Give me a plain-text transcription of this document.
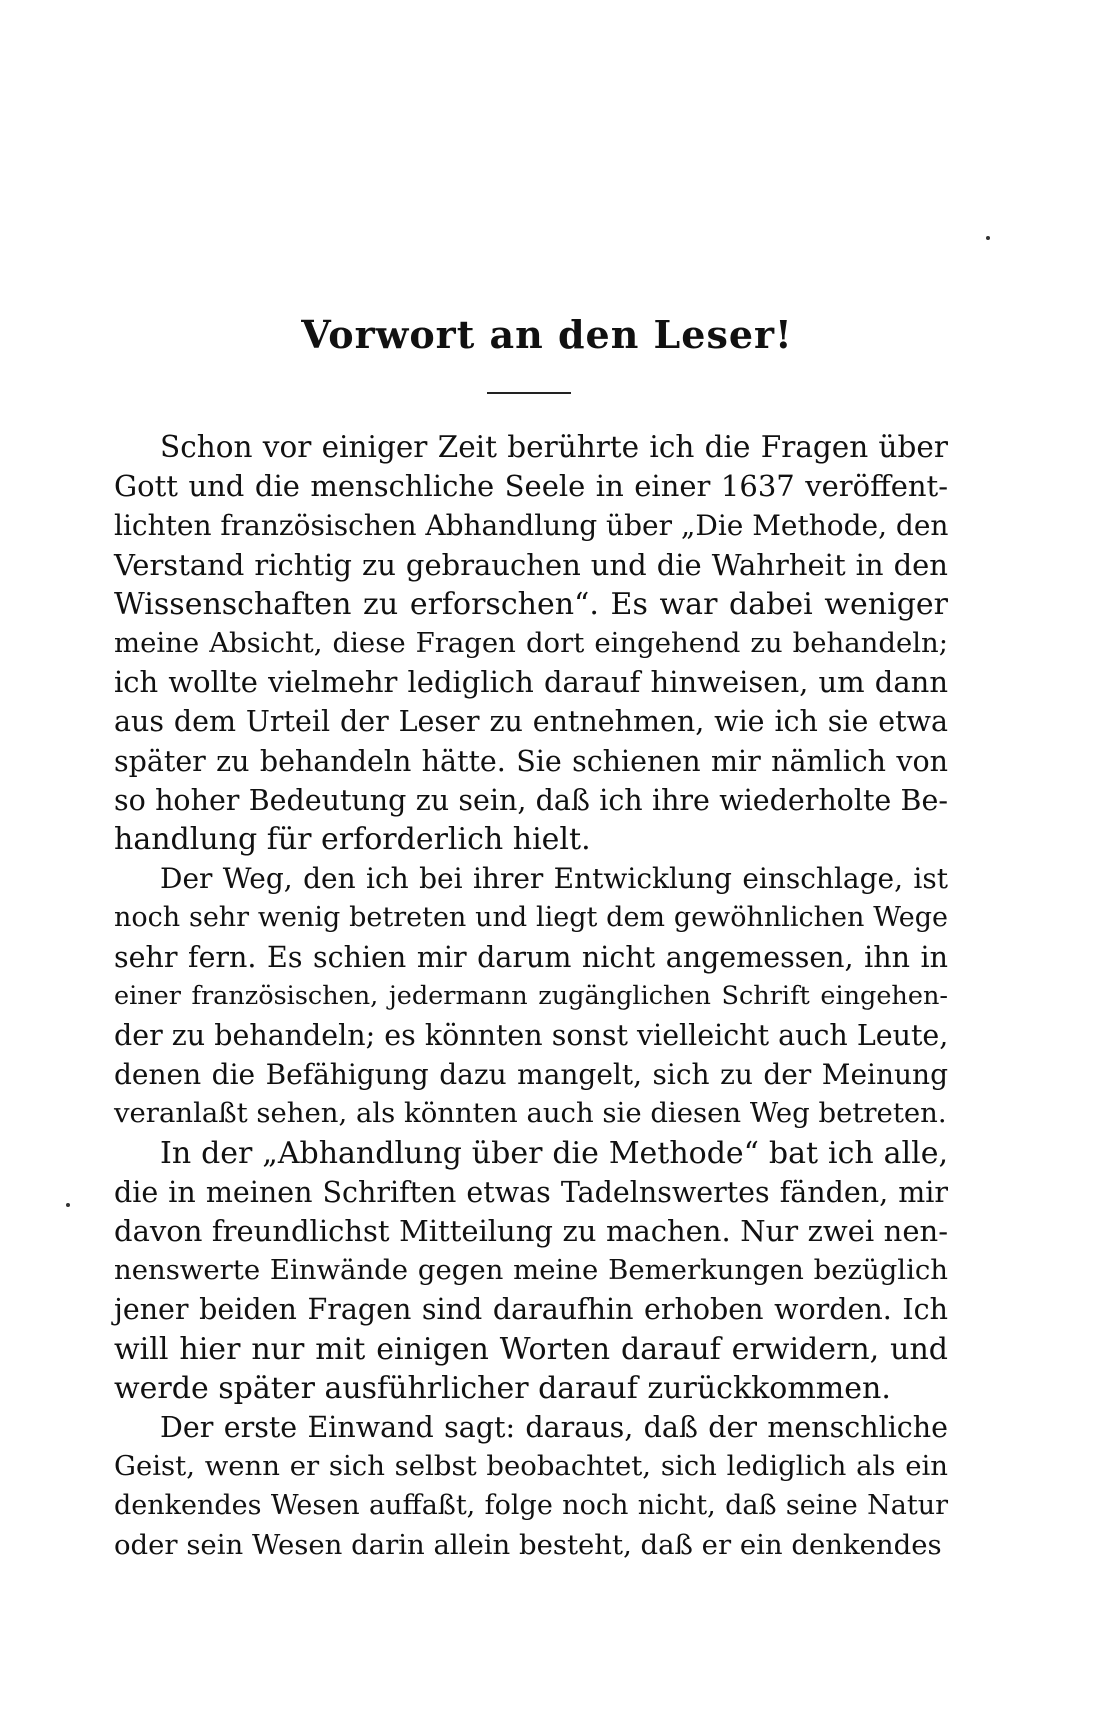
Vorwort an den Leser!
Schon vor einiger Zeit berührte ich die Fragen über
Gott und die menschliche Seele in einer 1637 veröffent-
lichten französischen Abhandlung über „Die Methode, den
Verstand richtig zu gebrauchen und die Wahrheit in den
Wissenschaften zu erforschen“. Es war dabei weniger
meine Absicht, diese Fragen dort eingehend zu behandeln;
ich wollte vielmehr lediglich darauf hinweisen, um dann
aus dem Urteil der Leser zu entnehmen, wie ich sie etwa
später zu behandeln hätte. Sie schienen mir nämlich von
so hoher Bedeutung zu sein, daß ich ihre wiederholte Be-
handlung für erforderlich hielt.
Der Weg, den ich bei ihrer Entwicklung einschlage, ist
noch sehr wenig betreten und liegt dem gewöhnlichen Wege
sehr fern. Es schien mir darum nicht angemessen, ihn in
einer französischen, jedermann zugänglichen Schrift eingehen-
der zu behandeln; es könnten sonst vielleicht auch Leute,
denen die Befähigung dazu mangelt, sich zu der Meinung
veranlaßt sehen, als könnten auch sie diesen Weg betreten.
In der „Abhandlung über die Methode“ bat ich alle,
die in meinen Schriften etwas Tadelnswertes fänden, mir
davon freundlichst Mitteilung zu machen. Nur zwei nen-
nenswerte Einwände gegen meine Bemerkungen bezüglich
jener beiden Fragen sind daraufhin erhoben worden. Ich
will hier nur mit einigen Worten darauf erwidern, und
werde später ausführlicher darauf zurückkommen.
Der erste Einwand sagt: daraus, daß der menschliche
Geist, wenn er sich selbst beobachtet, sich lediglich als ein
denkendes Wesen auffaßt, folge noch nicht, daß seine Natur
oder sein Wesen darin allein besteht, daß er ein denkendes
